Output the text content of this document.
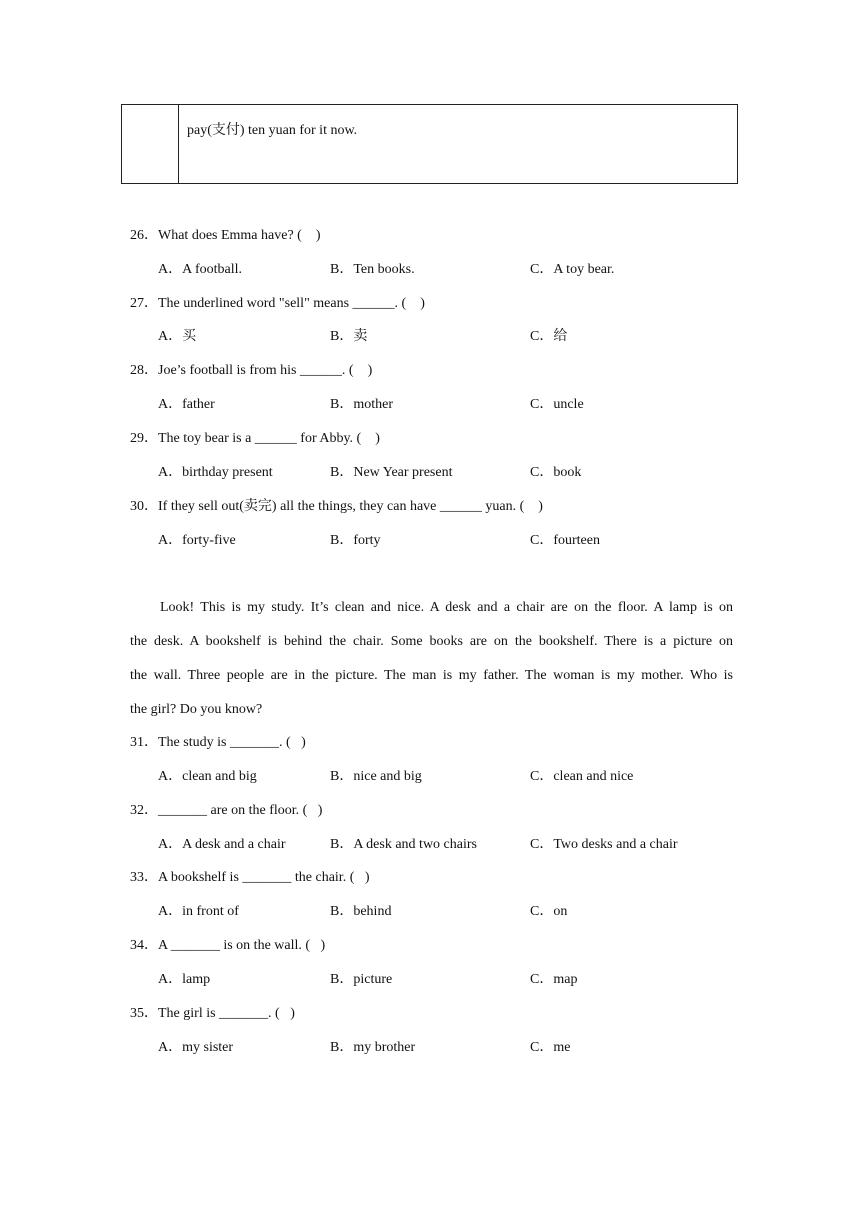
pay(支付) ten yuan for it now.
26．What does Emma have? (    )
A．A football.	B．Ten books.	C．A toy bear.
27．The underlined word "sell" means ______. (    )
A．买	B．卖	C．给
28．Joe’s football is from his ______. (    )
A．father	B．mother	C．uncle
29．The toy bear is a ______ for Abby. (    )
A．birthday present	B．New Year present	C．book
30．If they sell out(卖完) all the things, they can have ______ yuan. (    )
A．forty-five	B．forty	C．fourteen
Look! This is my study. It’s clean and nice. A desk and a chair are on the floor. A lamp is on
the desk. A bookshelf is behind the chair. Some books are on the bookshelf. There is a picture on
the wall. Three people are in the picture. The man is my father. The woman is my mother. Who is
the girl? Do you know?
31．The study is _______. (   )
A．clean and big	B．nice and big	C．clean and nice
32．_______ are on the floor. (   )
A．A desk and a chair	B．A desk and two chairs	C．Two desks and a chair
33．A bookshelf is _______ the chair. (   )
A．in front of	B．behind	C．on
34．A _______ is on the wall. (   )
A．lamp	B．picture	C．map
35．The girl is _______. (   )
A．my sister	B．my brother	C．me
